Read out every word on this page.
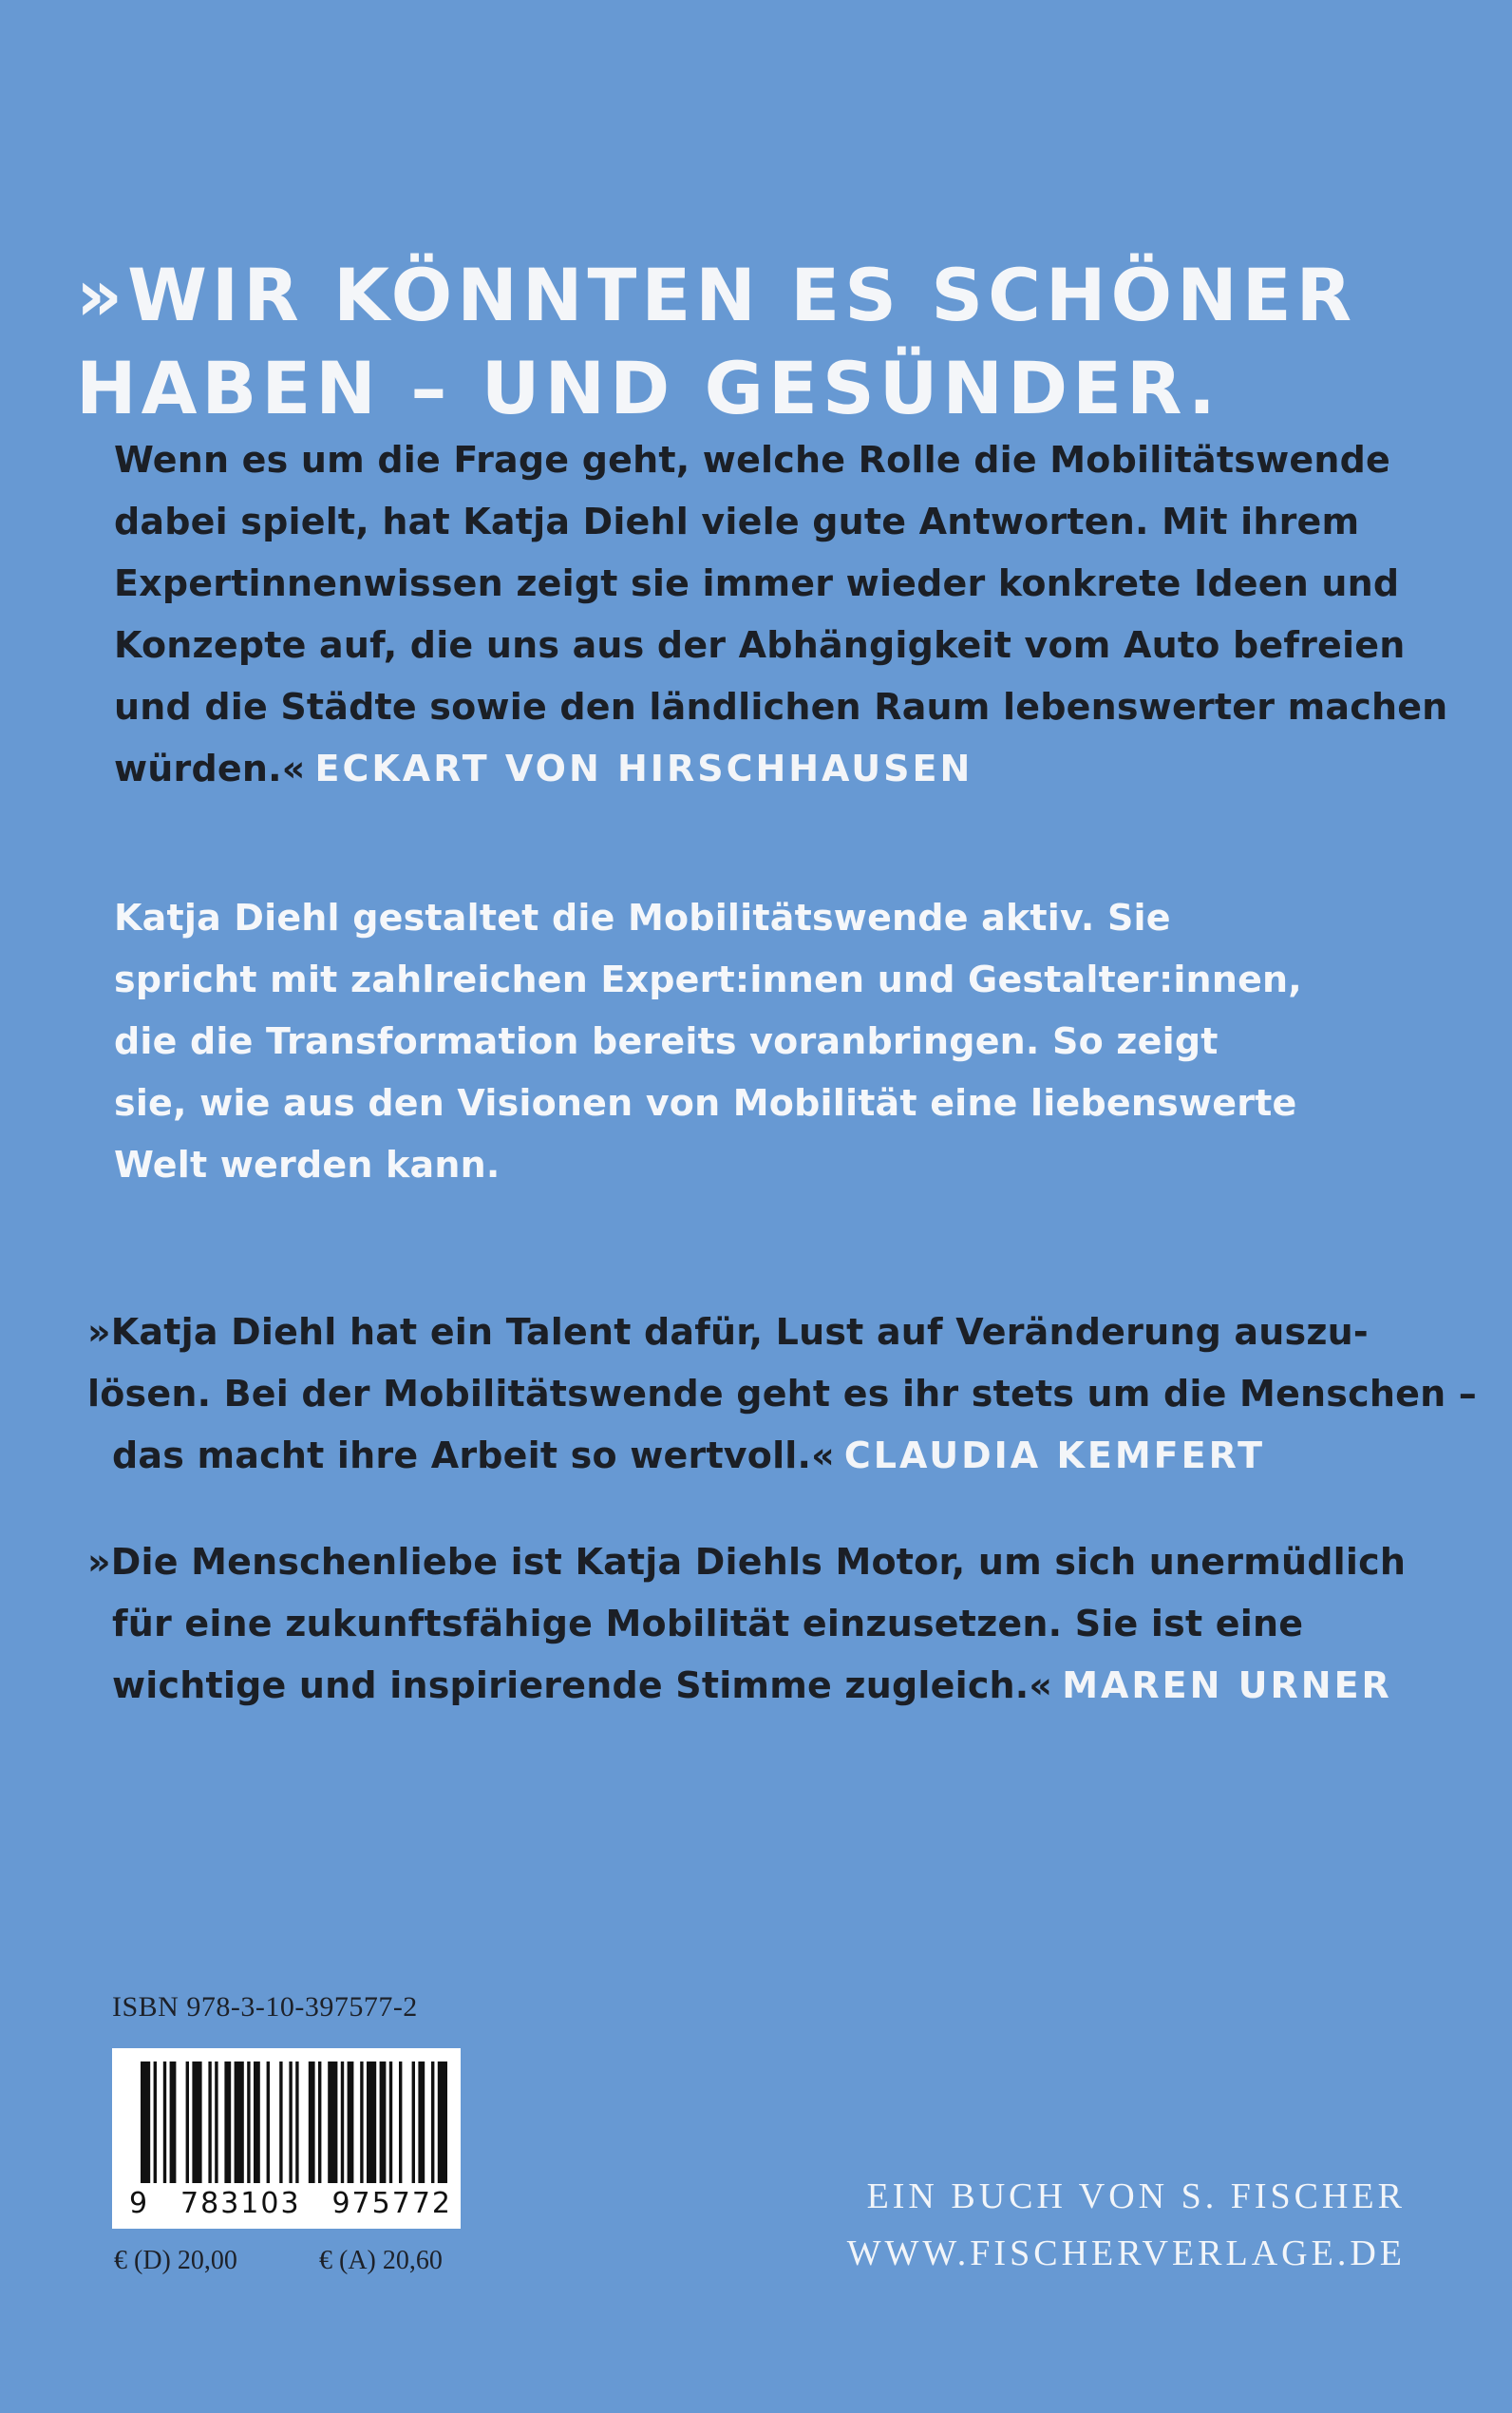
»WIR KÖNNTEN ES SCHÖNER
HABEN – UND GESÜNDER.
Wenn es um die Frage geht, welche Rolle die Mobilitätswende
dabei spielt, hat Katja Diehl viele gute Antworten. Mit ihrem
Expertinnenwissen zeigt sie immer wieder konkrete Ideen und
Konzepte auf, die uns aus der Abhängigkeit vom Auto befreien
und die Städte sowie den ländlichen Raum lebenswerter machen
würden.« ECKART VON HIRSCHHAUSEN
Katja Diehl gestaltet die Mobilitätswende aktiv. Sie
spricht mit zahlreichen Expert:innen und Gestalter:innen,
die die Transformation bereits voranbringen. So zeigt
sie, wie aus den Visionen von Mobilität eine liebenswerte
Welt werden kann.
»Katja Diehl hat ein Talent dafür, Lust auf Veränderung auszu-
lösen. Bei der Mobilitätswende geht es ihr stets um die Menschen –
das macht ihre Arbeit so wertvoll.« CLAUDIA KEMFERT
»Die Menschenliebe ist Katja Diehls Motor, um sich unermüdlich
für eine zukunftsfähige Mobilität einzusetzen. Sie ist eine
wichtige und inspirierende Stimme zugleich.« MAREN URNER
ISBN 978-3-10-397577-2
9 783103 975772
€ (D) 20,00	€ (A) 20,60
EIN BUCH VON S. FISCHER
WWW.FISCHERVERLAGE.DE
